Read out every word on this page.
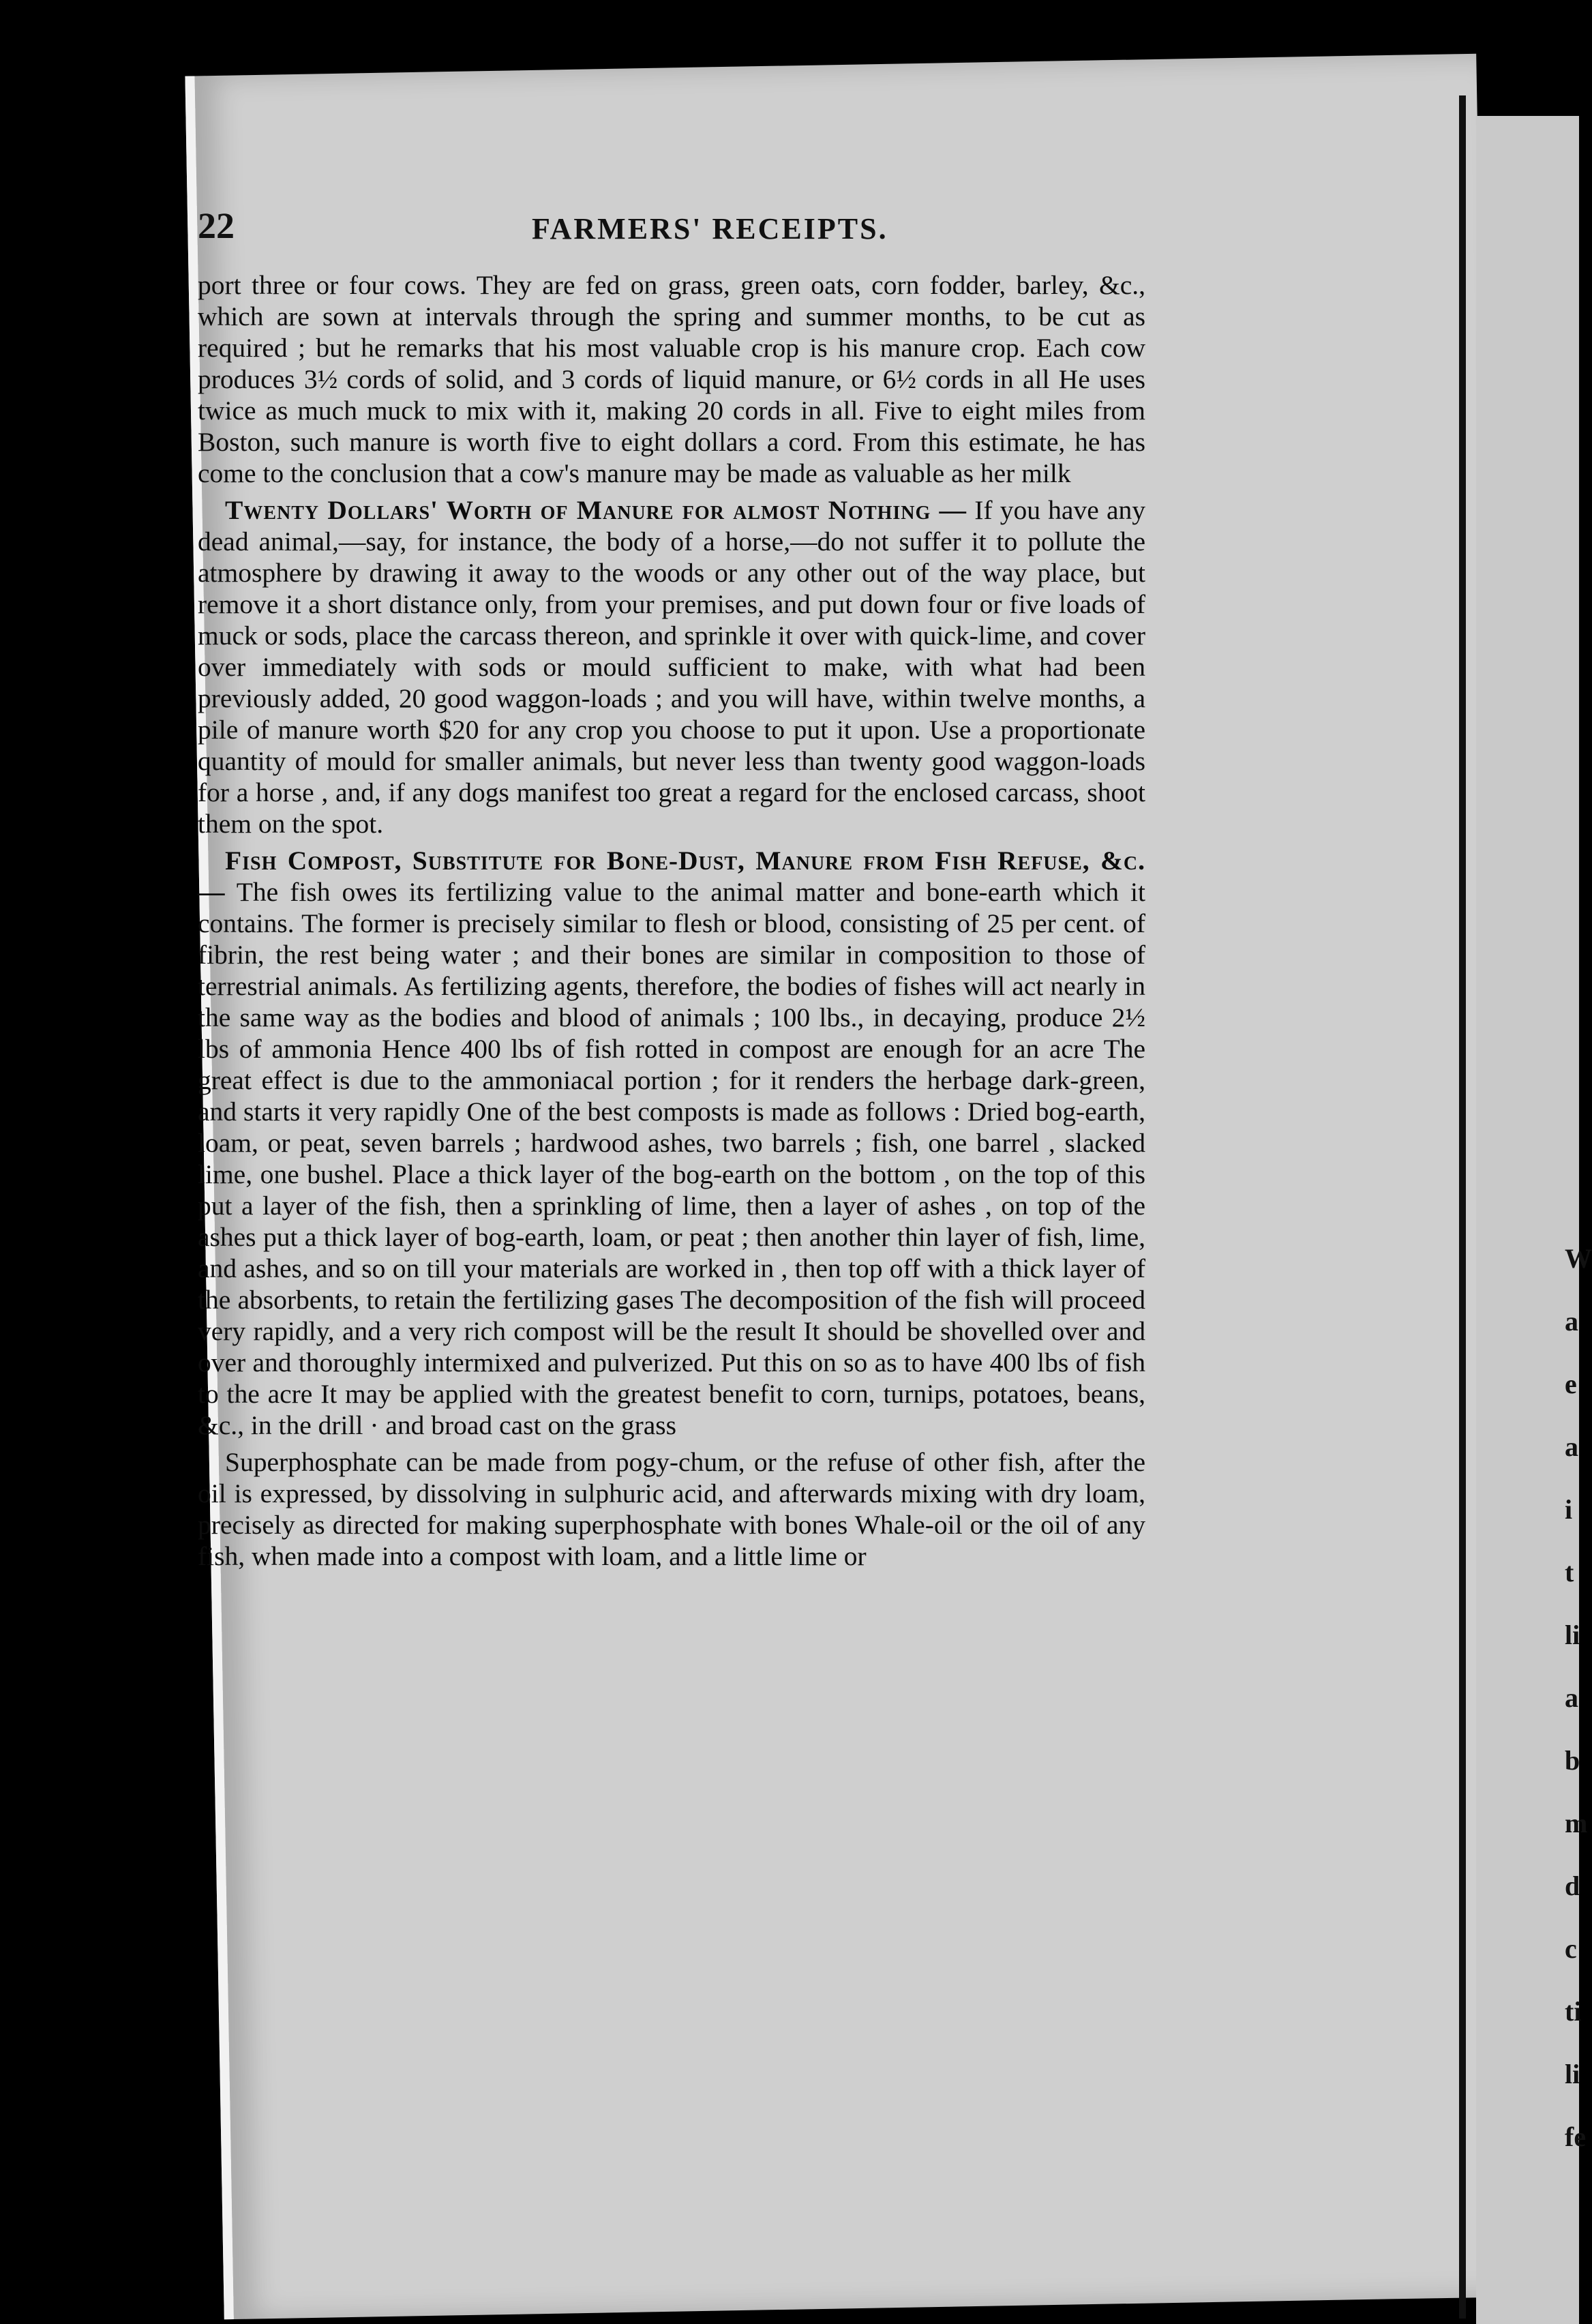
W
a
e
a
i
t
li
a
b
m
d
c
ti
li
fe
22	FARMERS' RECEIPTS.

port three or four cows. They are fed on grass, green oats, corn fodder, barley, &c., which are sown at intervals through the spring and summer months, to be cut as required ; but he remarks that his most valuable crop is his manure crop. Each cow produces 3½ cords of solid, and 3 cords of liquid manure, or 6½ cords in all He uses twice as much muck to mix with it, making 20 cords in all. Five to eight miles from Boston, such manure is worth five to eight dollars a cord. From this estimate, he has come to the conclusion that a cow's manure may be made as valuable as her milk

Twenty Dollars' Worth of Manure for almost Nothing — If you have any dead animal,—say, for instance, the body of a horse,—do not suffer it to pollute the atmosphere by drawing it away to the woods or any other out of the way place, but remove it a short distance only, from your premises, and put down four or five loads of muck or sods, place the carcass thereon, and sprinkle it over with quick-lime, and cover over immediately with sods or mould sufficient to make, with what had been previously added, 20 good waggon-loads ; and you will have, within twelve months, a pile of manure worth $20 for any crop you choose to put it upon. Use a proportionate quantity of mould for smaller animals, but never less than twenty good waggon-loads for a horse , and, if any dogs manifest too great a regard for the enclosed carcass, shoot them on the spot.

Fish Compost, Substitute for Bone-Dust, Manure from Fish Refuse, &c. — The fish owes its fertilizing value to the animal matter and bone-earth which it contains. The former is precisely similar to flesh or blood, consisting of 25 per cent. of fibrin, the rest being water ; and their bones are similar in composition to those of terrestrial animals. As fertilizing agents, therefore, the bodies of fishes will act nearly in the same way as the bodies and blood of animals ; 100 lbs., in decaying, produce 2½ lbs of ammonia Hence 400 lbs of fish rotted in compost are enough for an acre The great effect is due to the ammoniacal portion ; for it renders the herbage dark-green, and starts it very rapidly One of the best composts is made as follows : Dried bog-earth, loam, or peat, seven barrels ; hardwood ashes, two barrels ; fish, one barrel , slacked lime, one bushel. Place a thick layer of the bog-earth on the bottom , on the top of this put a layer of the fish, then a sprinkling of lime, then a layer of ashes , on top of the ashes put a thick layer of bog-earth, loam, or peat ; then another thin layer of fish, lime, and ashes, and so on till your materials are worked in , then top off with a thick layer of the absorbents, to retain the fertilizing gases The decomposition of the fish will proceed very rapidly, and a very rich compost will be the result It should be shovelled over and over and thoroughly intermixed and pulverized. Put this on so as to have 400 lbs of fish to the acre It may be applied with the greatest benefit to corn, turnips, potatoes, beans, &c., in the drill · and broad cast on the grass

Superphosphate can be made from pogy-chum, or the refuse of other fish, after the oil is expressed, by dissolving in sulphuric acid, and afterwards mixing with dry loam, precisely as directed for making superphosphate with bones Whale-oil or the oil of any fish, when made into a compost with loam, and a little lime or
